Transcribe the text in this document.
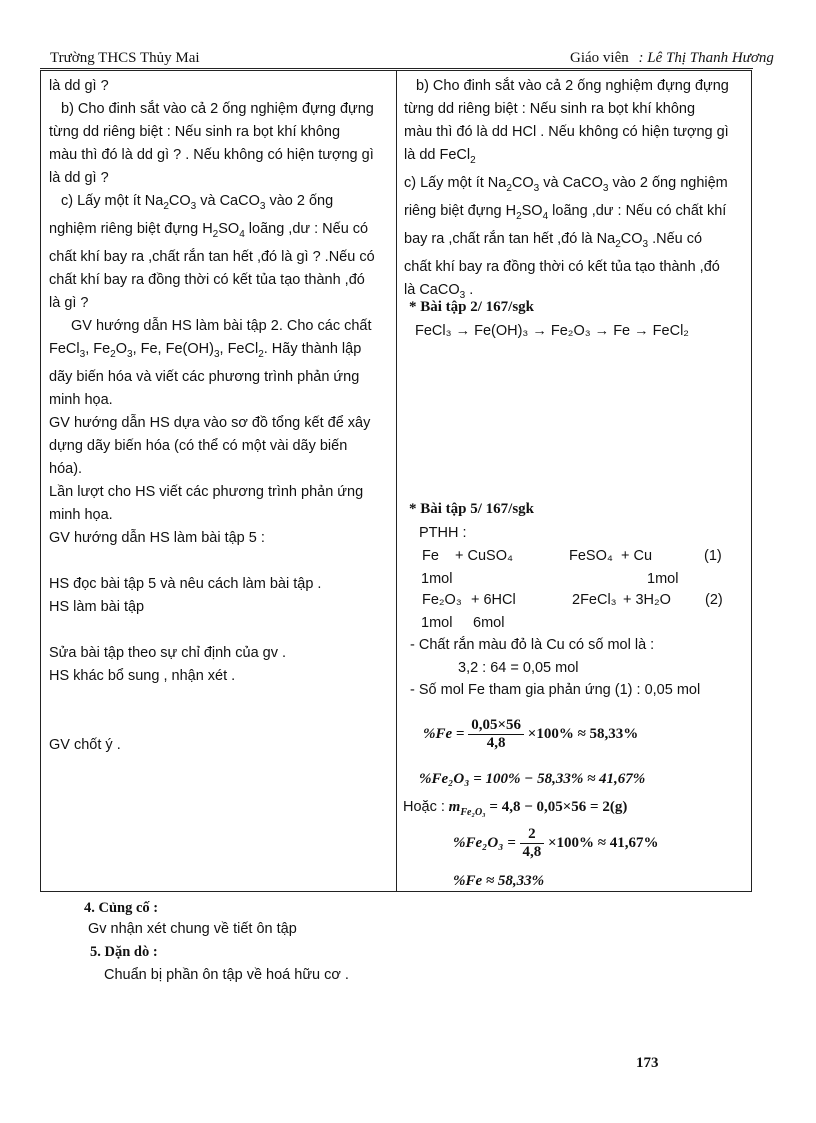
Trường THCS Thủy Mai	Giáo viên : Lê Thị Thanh Hương

là dd gì ?

b) Cho đinh sắt vào cả 2 ống nghiệm đựng đựng

từng dd riêng biệt : Nếu sinh ra bọt khí không

màu thì đó là dd gì ? . Nếu không có hiện tượng gì

là dd gì ?

c) Lấy một ít $Na_2CO_3$ và CaCO$_3$ vào 2 ống

nghiệm riêng biệt đựng $H_2SO_4$ loãng ,dư : Nếu có

chất khí bay ra ,chất rắn tan hết ,đó là gì ? .Nếu có

chất khí bay ra đồng thời có kết tủa tạo thành ,đó

là gì ?

GV hướng dẫn HS làm bài tập 2. Cho các chất

FeCl$_3$, $Fe_2O_3$, Fe, $Fe(OH)_3$, FeCl$_2$. Hãy thành lập

dãy biến hóa và viết các phương trình phản ứng

minh họa.

GV hướng dẫn HS dựa vào sơ đồ tổng kết để xây

dựng dãy biến hóa (có thể có một vài dãy biến

hóa).

Lần lượt cho HS viết các phương trình phản ứng

minh họa.

GV hướng dẫn HS làm bài tập 5 :

HS đọc bài tập 5 và nêu cách làm bài tập .

HS làm bài tập

Sửa bài tập theo sự chỉ định của gv .

HS khác bổ sung , nhận xét .

GV chốt ý .

b) Cho đinh sắt vào cả 2 ống nghiệm đựng đựng

từng dd riêng biệt : Nếu sinh ra bọt khí không

màu thì đó là dd HCl . Nếu không có hiện tượng gì

là dd FeCl$_2$

c) Lấy một ít $Na_2CO_3$ và CaCO$_3$ vào 2 ống nghiệm

riêng biệt đựng $H_2SO_4$ loãng ,dư : Nếu có chất khí

bay ra ,chất rắn tan hết ,đó là $Na_2CO_3$ .Nếu có

chất khí bay ra đồng thời có kết tủa tạo thành ,đó

là CaCO$_3$ .

* Bài tập 2/ 167/sgk
FeCl₃ → Fe(OH)₃ → Fe₂O₃ → Fe → FeCl₂
* Bài tập 5/ 167/sgk
PTHH :
Fe + CuSO₄	FeSO₄ + Cu	(1)
1mol	1mol
Fe₂O₃ + 6HCl	2FeCl₃ + 3H₂O (2)
1mol 6mol
- Chất rắn màu đỏ là Cu có số mol là :
3,2 : 64 = 0,05 mol
- Số mol Fe tham gia phản ứng (1) : 0,05 mol
$\%Fe = \frac{0,05\times 56}{4,8} \times 100\% \approx 58,33\%$
%Fe₂O₃ = 100% − 58,33% ≈ 41,67%
Hoặc : $m_{Fe_2O_3} = 4,8 - 0,05\times 56 = 2(g)$
$\%Fe_2O_3 = \frac{2}{4,8} \times 100\% \approx 41,67\%$
%Fe ≈ 58,33%
4. Củng cố :
Gv nhận xét chung về tiết ôn tập
5. Dặn dò :
Chuẩn bị phần ôn tập về hoá hữu cơ .
173
